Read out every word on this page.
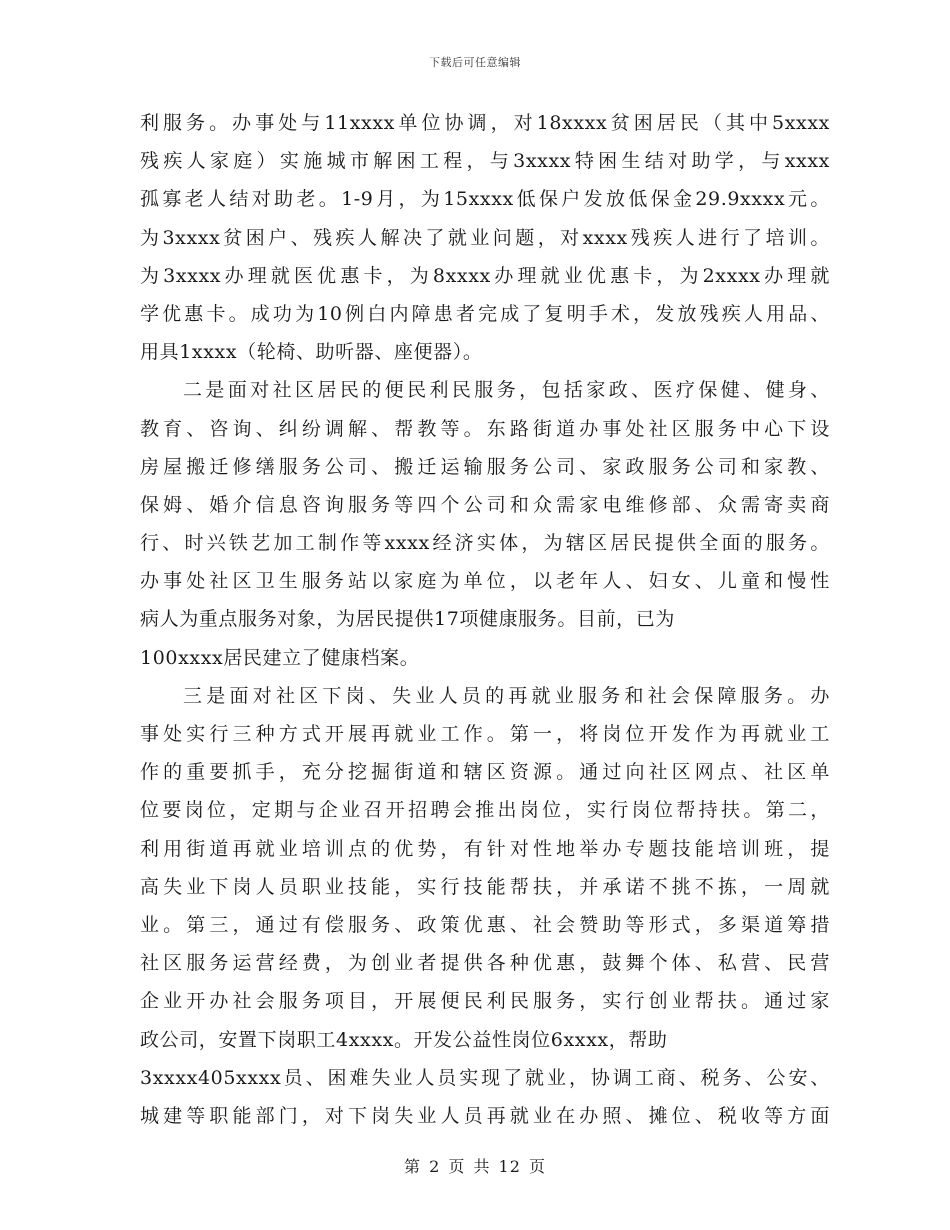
下载后可任意编辑
利服务。办事处与11xxxx单位协调，对18xxxx贫困居民（其中5xxxx
残疾人家庭）实施城市解困工程，与3xxxx特困生结对助学，与xxxx
孤寡老人结对助老。1-9月，为15xxxx低保户发放低保金29.9xxxx元。
为3xxxx贫困户、残疾人解决了就业问题，对xxxx残疾人进行了培训。
为3xxxx办理就医优惠卡，为8xxxx办理就业优惠卡，为2xxxx办理就
学优惠卡。成功为10例白内障患者完成了复明手术，发放残疾人用品、
用具1xxxx（轮椅、助听器、座便器）。
二是面对社区居民的便民利民服务，包括家政、医疗保健、健身、
教育、咨询、纠纷调解、帮教等。东路街道办事处社区服务中心下设
房屋搬迁修缮服务公司、搬迁运输服务公司、家政服务公司和家教、
保姆、婚介信息咨询服务等四个公司和众需家电维修部、众需寄卖商
行、时兴铁艺加工制作等xxxx经济实体，为辖区居民提供全面的服务。
办事处社区卫生服务站以家庭为单位，以老年人、妇女、儿童和慢性
病人为重点服务对象，为居民提供17项健康服务。目前，已为
100xxxx居民建立了健康档案。
三是面对社区下岗、失业人员的再就业服务和社会保障服务。办
事处实行三种方式开展再就业工作。第一，将岗位开发作为再就业工
作的重要抓手，充分挖掘街道和辖区资源。通过向社区网点、社区单
位要岗位，定期与企业召开招聘会推出岗位，实行岗位帮持扶。第二，
利用街道再就业培训点的优势，有针对性地举办专题技能培训班，提
高失业下岗人员职业技能，实行技能帮扶，并承诺不挑不拣，一周就
业。第三，通过有偿服务、政策优惠、社会赞助等形式，多渠道筹措
社区服务运营经费，为创业者提供各种优惠，鼓舞个体、私营、民营
企业开办社会服务项目，开展便民利民服务，实行创业帮扶。通过家
政公司，安置下岗职工4xxxx。开发公益性岗位6xxxx，帮助
3xxxx405xxxx员、困难失业人员实现了就业，协调工商、税务、公安、
城建等职能部门，对下岗失业人员再就业在办照、摊位、税收等方面
第 2 页 共 12 页
